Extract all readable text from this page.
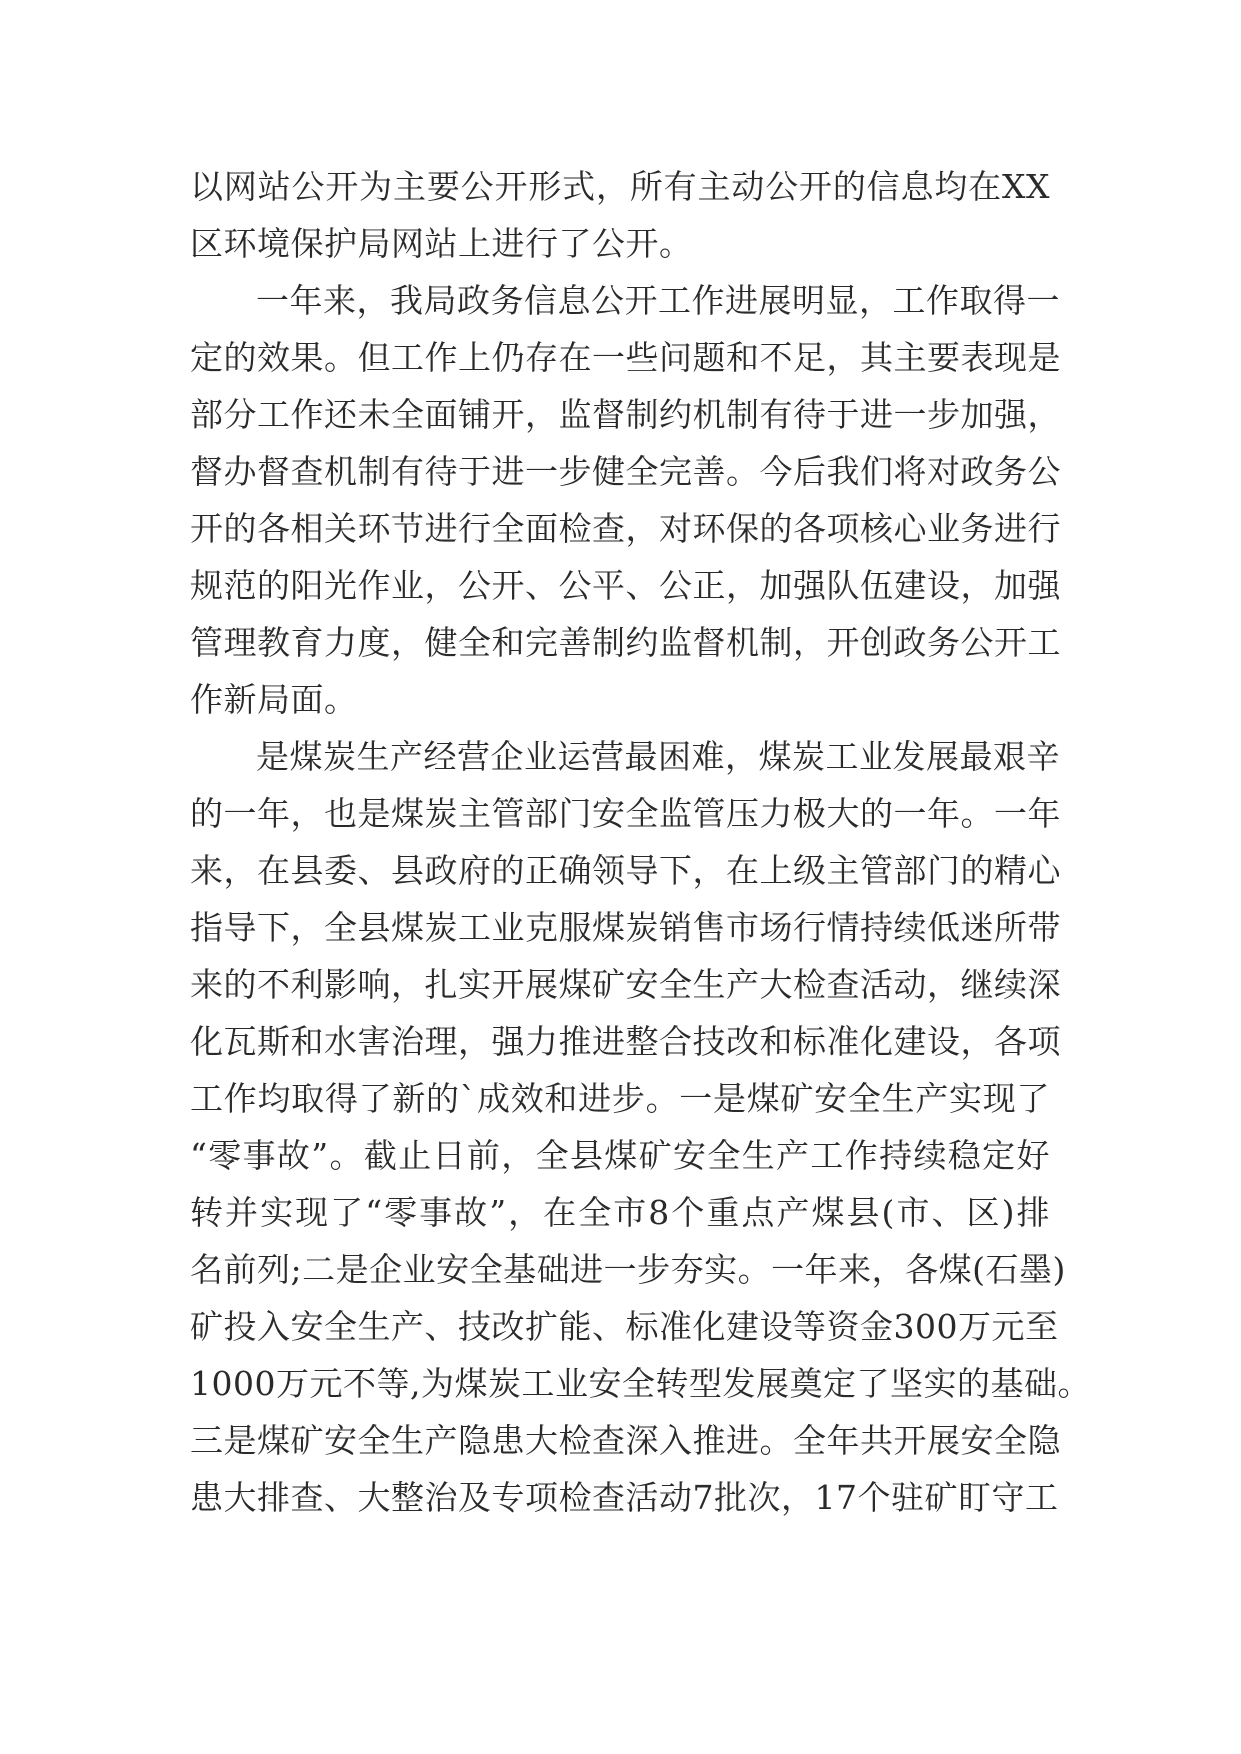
以网站公开为主要公开形式，所有主动公开的信息均在XX
区环境保护局网站上进行了公开。
一年来，我局政务信息公开工作进展明显，工作取得一
定的效果。但工作上仍存在一些问题和不足，其主要表现是
部分工作还未全面铺开，监督制约机制有待于进一步加强，
督办督查机制有待于进一步健全完善。今后我们将对政务公
开的各相关环节进行全面检查，对环保的各项核心业务进行
规范的阳光作业，公开、公平、公正，加强队伍建设，加强
管理教育力度，健全和完善制约监督机制，开创政务公开工
作新局面。
是煤炭生产经营企业运营最困难，煤炭工业发展最艰辛
的一年，也是煤炭主管部门安全监管压力极大的一年。一年
来，在县委、县政府的正确领导下，在上级主管部门的精心
指导下，全县煤炭工业克服煤炭销售市场行情持续低迷所带
来的不利影响，扎实开展煤矿安全生产大检查活动，继续深
化瓦斯和水害治理，强力推进整合技改和标准化建设，各项
工作均取得了新的`成效和进步。一是煤矿安全生产实现了
“零事故”。截止日前，全县煤矿安全生产工作持续稳定好
转并实现了“零事故”，在全市8个重点产煤县(市、区)排
名前列;二是企业安全基础进一步夯实。一年来，各煤(石墨)
矿投入安全生产、技改扩能、标准化建设等资金300万元至
1000万元不等,为煤炭工业安全转型发展奠定了坚实的基础。
三是煤矿安全生产隐患大检查深入推进。全年共开展安全隐
患大排查、大整治及专项检查活动7批次，17个驻矿盯守工
